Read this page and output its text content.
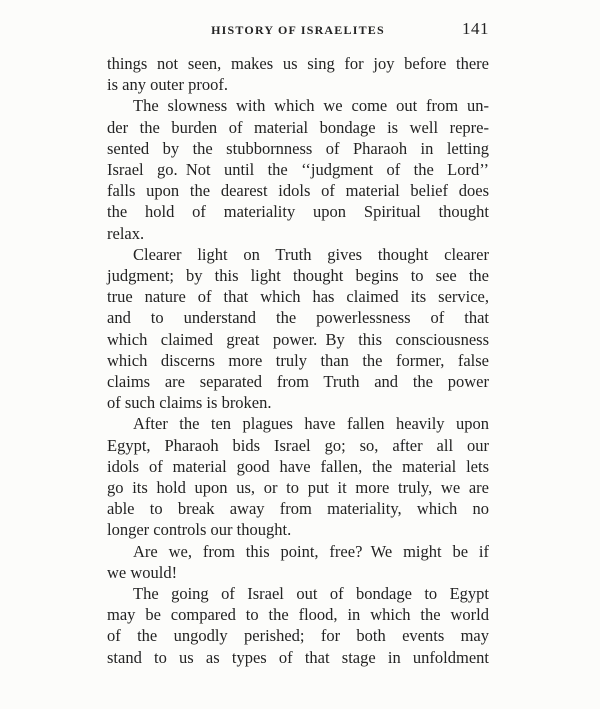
HISTORY OF ISRAELITES	141
things not seen, makes us sing for joy before there
is any outer proof.
The slowness with which we come out from un-
der the burden of material bondage is well repre-
sented by the stubbornness of Pharaoh in letting
Israel go. Not until the ‘‘judgment of the Lord’’
falls upon the dearest idols of material belief does
the hold of materiality upon Spiritual thought
relax.
Clearer light on Truth gives thought clearer
judgment; by this light thought begins to see the
true nature of that which has claimed its service,
and to understand the powerlessness of that
which claimed great power. By this consciousness
which discerns more truly than the former, false
claims are separated from Truth and the power
of such claims is broken.
After the ten plagues have fallen heavily upon
Egypt, Pharaoh bids Israel go; so, after all our
idols of material good have fallen, the material lets
go its hold upon us, or to put it more truly, we are
able to break away from materiality, which no
longer controls our thought.
Are we, from this point, free? We might be if
we would!
The going of Israel out of bondage to Egypt
may be compared to the flood, in which the world
of the ungodly perished; for both events may
stand to us as types of that stage in unfoldment
